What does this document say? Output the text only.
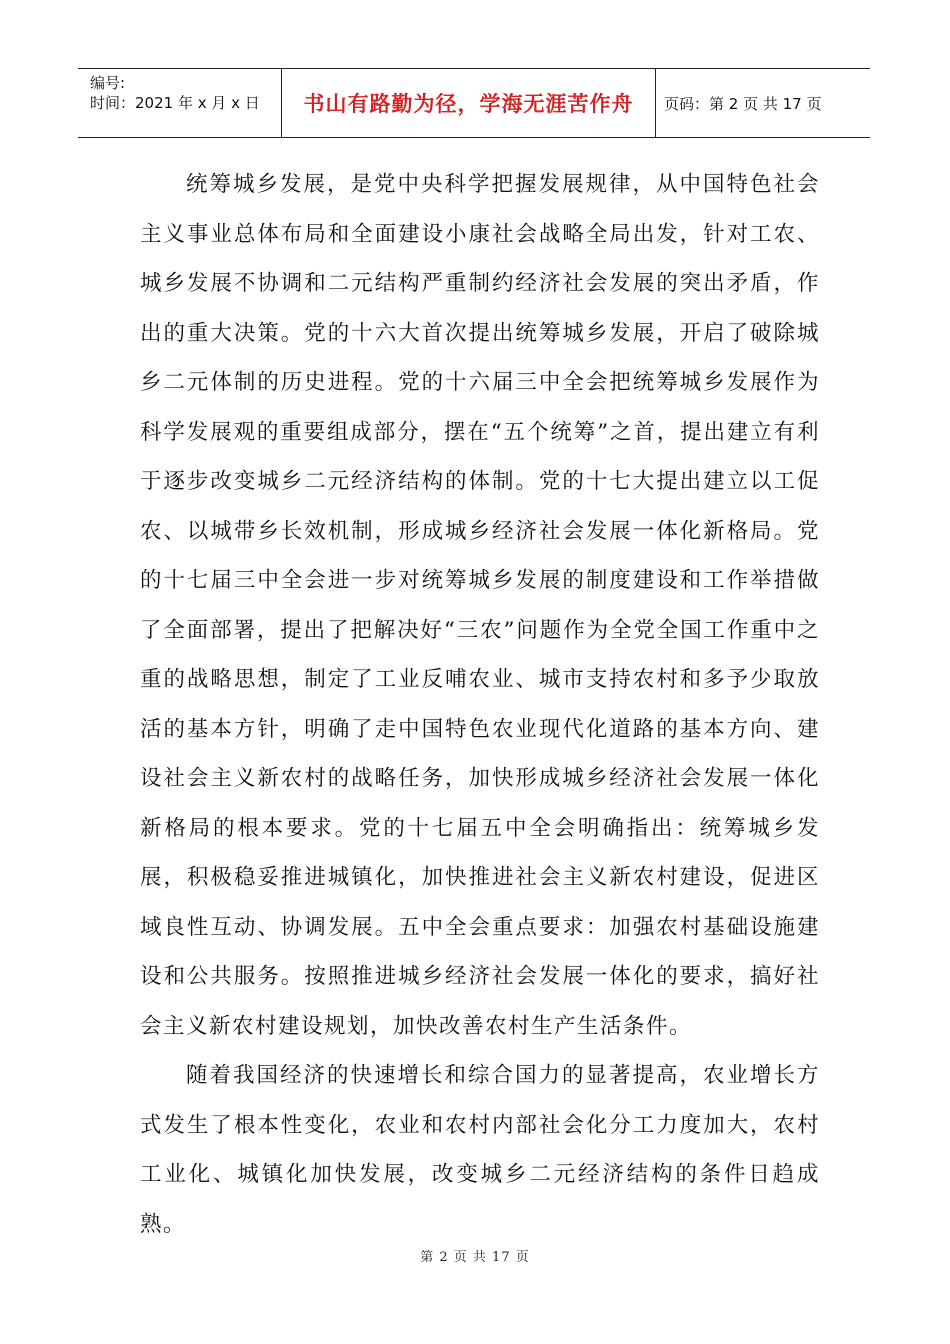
编号:
时间：2021 年 x 月 x 日	书山有路勤为径，学海无涯苦作舟 页码：第 2 页 共 17 页

统筹城乡发展，是党中央科学把握发展规律，从中国特色社会主义事业总体布局和全面建设小康社会战略全局出发，针对工农、城乡发展不协调和二元结构严重制约经济社会发展的突出矛盾，作出的重大决策。党的十六大首次提出统筹城乡发展，开启了破除城乡二元体制的历史进程。党的十六届三中全会把统筹城乡发展作为科学发展观的重要组成部分，摆在“五个统筹”之首，提出建立有利于逐步改变城乡二元经济结构的体制。党的十七大提出建立以工促农、以城带乡长效机制，形成城乡经济社会发展一体化新格局。党的十七届三中全会进一步对统筹城乡发展的制度建设和工作举措做了全面部署，提出了把解决好“三农”问题作为全党全国工作重中之重的战略思想，制定了工业反哺农业、城市支持农村和多予少取放活的基本方针，明确了走中国特色农业现代化道路的基本方向、建设社会主义新农村的战略任务，加快形成城乡经济社会发展一体化新格局的根本要求。党的十七届五中全会明确指出：统筹城乡发展，积极稳妥推进城镇化，加快推进社会主义新农村建设，促进区域良性互动、协调发展。五中全会重点要求：加强农村基础设施建设和公共服务。按照推进城乡经济社会发展一体化的要求，搞好社会主义新农村建设规划，加快改善农村生产生活条件。

随着我国经济的快速增长和综合国力的显著提高，农业增长方式发生了根本性变化，农业和农村内部社会化分工力度加大，农村工业化、城镇化加快发展，改变城乡二元经济结构的条件日趋成熟。

第 2 页 共 17 页
